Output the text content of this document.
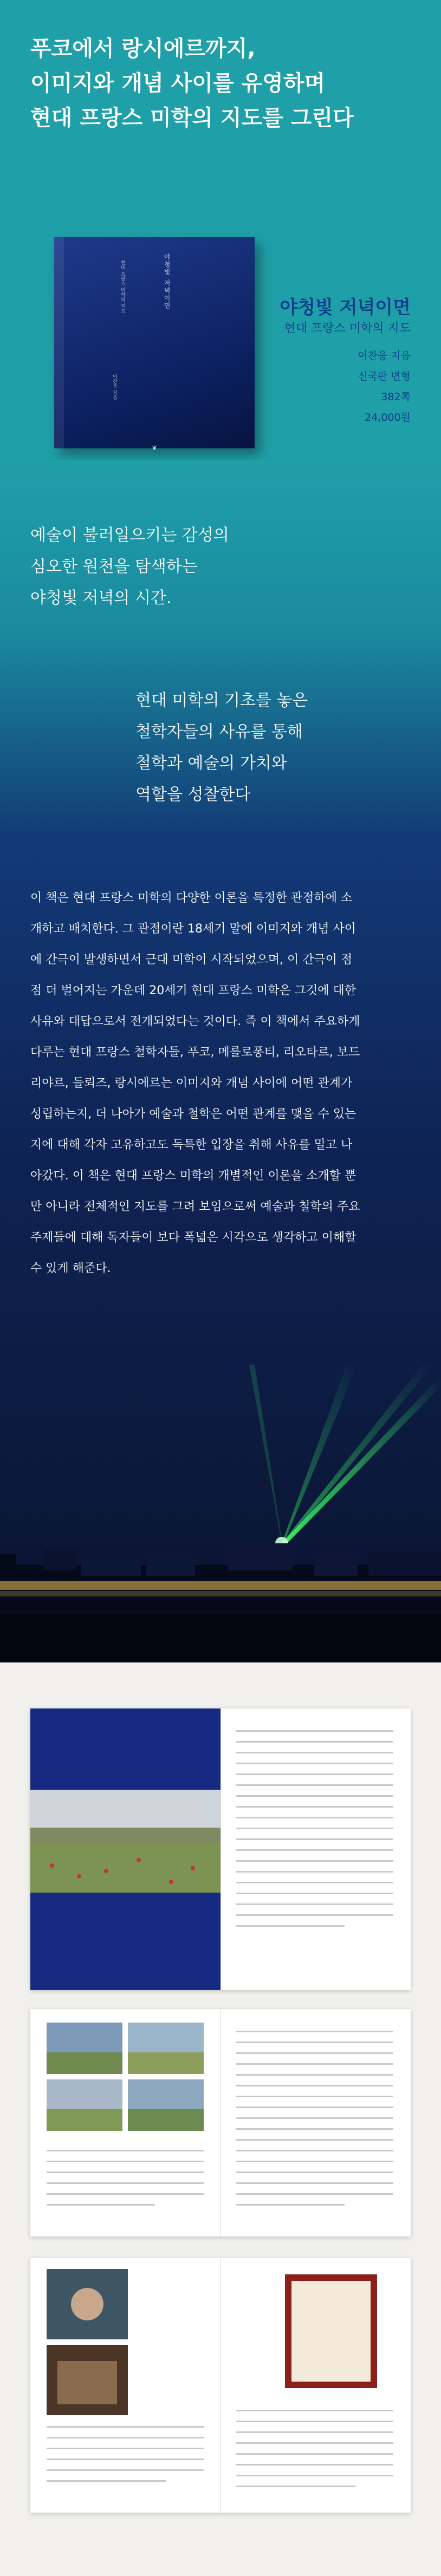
푸코에서 랑시에르까지,
이미지와 개념 사이를 유영하며
현대 프랑스 미학의 지도를 그린다
야청빛 저녁이면
현대 프랑스 미학의 지도
이찬웅 지음
❦
야청빛 저녁이면
현대 프랑스 미학의 지도
이찬웅 지음
신국판 변형
382쪽
24,000원
예술이 불러일으키는 감성의
심오한 원천을 탐색하는
야청빛 저녁의 시간.
현대 미학의 기초를 놓은
철학자들의 사유를 통해
철학과 예술의 가치와
역할을 성찰한다
이 책은 현대 프랑스 미학의 다양한 이론을 특정한 관점하에 소
개하고 배치한다. 그 관점이란 18세기 말에 이미지와 개념 사이
에 간극이 발생하면서 근대 미학이 시작되었으며, 이 간극이 점
점 더 벌어지는 가운데 20세기 현대 프랑스 미학은 그것에 대한
사유와 대답으로서 전개되었다는 것이다. 즉 이 책에서 주요하게
다루는 현대 프랑스 철학자들, 푸코, 메를로퐁티, 리오타르, 보드
리야르, 들뢰즈, 랑시에르는 이미지와 개념 사이에 어떤 관계가
성립하는지, 더 나아가 예술과 철학은 어떤 관계를 맺을 수 있는
지에 대해 각자 고유하고도 독특한 입장을 취해 사유를 밀고 나
아갔다. 이 책은 현대 프랑스 미학의 개별적인 이론을 소개할 뿐
만 아니라 전체적인 지도를 그려 보임으로써 예술과 철학의 주요
주제들에 대해 독자들이 보다 폭넓은 시각으로 생각하고 이해할
수 있게 해준다.
